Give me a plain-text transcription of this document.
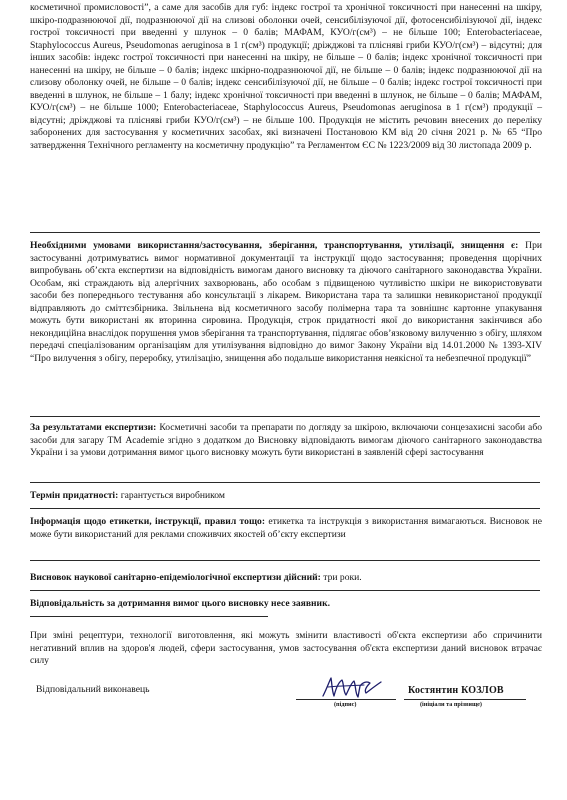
косметичної промисловості”, а саме для засобів для губ: індекс гострої та хронічної токсичності при нанесенні на шкіру, шкіро-подразнюючої дії, подразнюючої дії на слизові оболонки очей, сенсибілізуючої дії, фотосенсибілізуючої дії, індекс гострої токсичності при введенні у шлунок – 0 балів; МАФАМ, КУО/г(см³) – не більше 100; Enterobacteriaceae, Staphylococcus Aureus, Pseudomonas aeruginosa в 1 г(см³) продукції; дріжджові та плісняві гриби КУО/г(см³) – відсутні; для інших засобів: індекс гострої токсичності при нанесенні на шкіру, не більше – 0 балів; індекс хронічної токсичності при нанесенні на шкіру, не більше – 0 балів; індекс шкірно-подразнюючої дії, не більше – 0 балів; індекс подразнюючої дії на слизову оболонку очей, не більше – 0 балів; індекс сенсибілізуючої дії, не більше – 0 балів; індекс гострої токсичності при введенні в шлунок, не більше – 1 балу; індекс хронічної токсичності при введенні в шлунок, не більше – 0 балів; МАФАМ, КУО/г(см³) – не більше 1000; Enterobacteriaceae, Staphylococcus Aureus, Pseudomonas aeruginosa в 1 г(см³) продукції – відсутні; дріжджові та плісняві гриби КУО/г(см³) – не більше 100. Продукція не містить речовин внесених до переліку заборонених для застосування у косметичних засобах, які визначені Постановою КМ від 20 січня 2021 р. № 65 “Про затвердження Технічного регламенту на косметичну продукцію” та Регламентом ЄС № 1223/2009 від 30 листопада 2009 р.

Необхідними умовами використання/застосування, зберігання, транспортування, утилізації, знищення є: При застосуванні дотримуватись вимог нормативної документації та інструкції щодо застосування; проведення щорічних випробувань об’єкта експертизи на відповідність вимогам даного висновку та діючого санітарного законодавства України. Особам, які страждають від алергічних захворювань, або особам з підвищеною чутливістю шкіри не використовувати засоби без попереднього тестування або консультації з лікарем. Використана тара та залишки невикористаної продукції відправляють до сміттєзбірника. Звільнена від косметичного засобу полімерна тара та зовнішнє картонне упакування можуть бути використані як вторинна сировина. Продукція, строк придатності якої до використання закінчився або некондиційна внаслідок порушення умов зберігання та транспортування, підлягає обов’язковому вилученню з обігу, шляхом передачі спеціалізованим організаціям для утилізування відповідно до вимог Закону України від 14.01.2000 № 1393-XIV “Про вилучення з обігу, переробку, утилізацію, знищення або подальше використання неякісної та небезпечної продукції”

За результатами експертизи: Косметичні засоби та препарати по догляду за шкірою, включаючи сонцезахисні засоби або засоби для загару ТМ Academie згідно з додатком до Висновку відповідають вимогам діючого санітарного законодавства України і за умови дотримання вимог цього висновку можуть бути використані в заявленій сфері застосування

Термін придатності: гарантується виробником

Інформація щодо етикетки, інструкції, правил тощо: етикетка та інструкція з використання вимагаються. Висновок не може бути використаний для реклами споживчих якостей об’єкту експертизи

Висновок наукової санітарно-епідеміологічної експертизи дійсний: три роки.

Відповідальність за дотримання вимог цього висновку несе заявник.

При зміні рецептури, технології виготовлення, які можуть змінити властивості об'єкта експертизи або спричинити негативний вплив на здоров'я людей, сфери застосування, умов застосування об'єкта експертизи даний висновок втрачає силу

Відповідальний виконавець
(підпис)
Костянтин КОЗЛОВ
(ініціали та прізвище)
